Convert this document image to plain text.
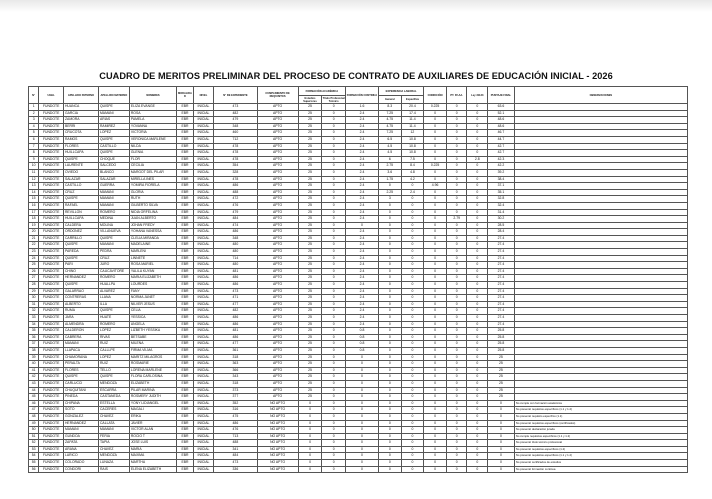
CUADRO DE MERITOS PRELIMINAR DEL PROCESO DE CONTRATO DE AUXILIARES DE EDUCACIÓN INICIAL - 2026
N°	UGEL	APELLIDO PATERNO	APELLIDO MATERNO	NOMBRES	MODALIDA D	NIVEL	N° DE EXPEDIENTE	CUMPLIMIENTO DE REQUISITOS	FORMACIÓN ACADÉMICA		FORMACIÓN CONTINUA	EXPERIENCIA LABORAL		CONDICIÓN	PT. FF.AA.	Ley 31133	PUNTAJE FINAL	OBSERVACIONES
									Estudios Superiores	Título Profesional Técnico		General	Específica					
1	FUNDOTE	HUANCA	QUISPE	ELIZA EVANGE	EBR	INICIAL	473	APTO	25	0	1.6	8.3	20.4	0.225	0	0	63.6	
2	FUNDOTE	GARCIA	MAMANI	ROSA	EBR	INICIAL	482	APTO	25	0	2.4	7.25	17.4	0	0	0	52.1	
3	FUNDOTE	ZAMORA	ARIAS	PAMELA	EBR	INICIAL	479	APTO	25	0	2.4	4.75	11.4	0	0	0	48.6	
4	FUNDOTE	BERRI	RAMIREZ	YOVANNA	EBR	INICIAL	348	APTO	25	0	2.4	4.75	11.4	0	0	0	48.6	
5	FUNDOTE	CRUCOTA	LOPEZ	VICTORIA	EBR	INICIAL	460	APTO	25	0	2.4	7.25	12	0	0	0	46.7	
6	FUNDOTE	RAMOS	QUISPE	VERONICA MARLENE	EBR	INICIAL	712	APTO	25	0	2.4	6.5	10.8	0	0	0	44.7	
7	FUNDOTE	FLORES	CASTILLO	NILDA	EBR	INICIAL	478	APTO	25	0	2.4	4.5	10.8	0	0	0	42.7	
8	FUNDOTE	HUILLCAPA	QUISPE	GLENIA	EBR	INICIAL	478	APTO	25	0	2.4	4.5	10.8	0	0	0	42.7	
9	FUNDOTE	QUISPE	CHOQUE	FLOR	EBR	INICIAL	478	APTO	25	0	2.4	6	7.5	0	0	2.8	42.3	
10	FUNDOTE	LAURENTE	SALCEDO	CECILIA	EBR	INICIAL	354	APTO	25	0	2.4	2.75	8.4	0.225	0	0	42.2	
11	FUNDOTE	OVIEDO	BLANCO	MARGOT DEL PILAR	EBR	INICIAL	328	APTO	25	0	2.4	3.6	4.8	0	0	0	39.2	
12	FUNDOTE	SALAZAR	SALAZAR	MIRELLA INES	EBR	INICIAL	478	APTO	25	0	2.4	1.75	4.2	0	0	0	38.4	
13	FUNDOTE	CASTILLO	GUERRA	YOMIRA FIORELA	EBR	INICIAL	486	APTO	25	0	2.4	0	0	4.96	0	0	37.1	
14	FUNDOTE	CRUZ	MAMANI	GLORIA	EBR	INICIAL	488	APTO	25	0	2.4	2.25	2.4	0	0	0	35.1	
15	FUNDOTE	QUISPE	MAMANI	RUTH	EBR	INICIAL	472	APTO	25	0	2.4	3	0	0	0	0	32.8	
16	FUNDOTE	RAFAEL	MAMANI	GILBERTO SILVA	EBR	INICIAL	476	APTO	25	0	2.4	0	0	0	0	0	32.4	
17	FUNDOTE	REVILLON	ROMERO	NIDIA ORFELINA	EBR	INICIAL	479	APTO	25	0	2.4	0	0	0	0	0	31.4	
18	FUNDOTE	HUILLCAPA	MEDINA	JUAN ALBERTO	EBR	INICIAL	484	APTO	25	0	2.4	0	0	0	2.79	0	30.2	
19	FUNDOTE	CALDERA	MOLINA	JOHAN FREDY	EBR	INICIAL	474	APTO	25	0	0	0	0	0	0	0	28.5	
20	FUNDOTE	ORDONEZ	VILLANUEVA	YOHANA VANESSA	EBR	INICIAL	486	APTO	25	0	2.4	0	0	0	0	0	28.4	
21	FUNDOTE	CARRILLO	QUISPE	CLELIA MIRANDA	EBR	INICIAL	348	APTO	25	0	2.4	0	0	0	0	0	27.4	
22	FUNDOTE	QUISPE	MAMANI	MADELAINE	EBR	INICIAL	480	APTO	25	0	2.4	0	0	0	0	0	27.4	
23	FUNDOTE	PAREDA	PEDRA	MARLENI	EBR	INICIAL	480	APTO	25	0	2.4	0	0	0	0	0	27.4	
24	FUNDOTE	QUISPE	CRUZ	LINNETE	EBR	INICIAL	714	APTO	25	0	2.4	0	0	0	0	0	27.4	
25	FUNDOTE	PARI	JURO	ROSA MARIEL	EBR	INICIAL	480	APTO	25	0	2.4	0	0	0	0	0	27.4	
26	FUNDOTE	CHINO	CAUCAVITORE	YALILA KUYAN	EBR	INICIAL	481	APTO	25	0	2.4	0	0	0	0	0	27.4	
27	FUNDOTE	HERNANDEZ	ROMERO	MARIA ELIZABETH	EBR	INICIAL	486	APTO	25	0	2.4	0	0	0	0	0	27.4	
28	FUNDOTE	QUISPE	HUALLPA	LOURDES	EBR	INICIAL	486	APTO	25	0	2.4	0	0	0	0	0	27.4	
29	FUNDOTE	GALARRAO	ALVAREZ	FANY	EBR	INICIAL	473	APTO	25	0	2.4	0	0	0	0	0	27.4	
30	FUNDOTE	CONTRERAS	LLANA	NORMA JANET	EBR	INICIAL	471	APTO	25	0	2.4	0	0	0	0	0	27.4	
31	FUNDOTE	ALBERTO	ILLA	NILVER JESUS	EBR	INICIAL	477	APTO	25	0	2.4	0	0	0	0	0	27.4	
32	FUNDOTE	RUMA	QUISPE	CELIA	EBR	INICIAL	482	APTO	25	0	2.4	0	0	0	0	0	27.4	
33	FUNDOTE	JARA	HUATE	YESSICA	EBR	INICIAL	486	APTO	25	0	2.4	0	0	0	0	0	27.4	
34	FUNDOTE	ALMENDRA	ROMERO	ANGELA	EBR	INICIAL	486	APTO	25	0	2.4	0	0	0	0	0	27.4	
35	FUNDOTE	CALDERON	LOPEZ	LIZBETH YESSIKA	EBR	INICIAL	481	APTO	25	0	0.8	0	0	0	0	0	25.8	
36	FUNDOTE	CABRERA	RIVAS	BETSABE	EBR	INICIAL	486	APTO	25	0	0.8	0	0	0	0	0	25.8	
37	FUNDOTE	MAMANI	RUIZ	MILENA	EBR	INICIAL	477	APTO	25	0	0.8	0	0	0	0	0	25.8	
38	FUNDOTE	LLAPACA	CALLLPE	FIRMA VILMA	EBR	INICIAL	361	APTO	25	0	0.8	0	0	0	0	0	25.8	
39	FUNDOTE	CHAMORANA	LOPEZ	MARITZ MILAGROS	EBR	INICIAL	318	APTO	25	0	0	0	0	0	0	0	25	
40	FUNDOTE	PERALTA	RUIZ	ROSMARIE	EBR	INICIAL	363	APTO	25	0	0	0	0	0	0	0	25	
41	FUNDOTE	FLORES	TELLO	LORENA MARLENE	EBR	INICIAL	366	APTO	25	0	0	0	0	0	0	0	25	
42	FUNDOTE	QUISPE	QUISPE	FLORA CARLOSINA	EBR	INICIAL	343	APTO	25	0	0	0	0	0	0	0	25	
43	FUNDOTE	CARLUCCI	MENDOZA	ELIZABETH	EBR	INICIAL	318	APTO	25	0	0	0	0	0	0	0	25	
44	FUNDOTE	CHUQUITANI	ESCARRA	PILAR MARINA	EBR	INICIAL	373	APTO	25	0	0	0	0	0	0	0	25	
45	FUNDOTE	PINEDA	CASTANEDA	ROSMERY JUDITH	EBR	INICIAL	377	APTO	25	0	0	0	0	0	0	0	25	
46	FUNDOTE	CHIPANA	ESTELLA	YONY LIDIANGEL	EBR	INICIAL	352	NO APTO	0	0	0	0	0	0	0	0	0	No cumple con formación académica
47	FUNDOTE	SOTO	CACERES	MAGALI	EBR	INICIAL	316	NO APTO	0	0	0	0	0	0	0	0	0	No presentó requisitos específicos (1.1 y 1.2)
48	FUNDOTE	GONZALEZ	CHAVEZ	ERIKA	EBR	INICIAL	475	NO APTO	0	0	0	0	0	0	0	0	0	No presentó requisito específico (1.1)
49	FUNDOTE	HERNANDEZ	CALLATA	JAVIER	EBR	INICIAL	486	NO APTO	0	0	0	0	0	0	0	0	0	No presentó requisitos específicos (certificados)
50	FUNDOTE	MAMANI	MAMANI	VICTOR ALAN	EBR	INICIAL	476	NO APTO	0	0	0	0	0	0	0	0	0	No presentó declaración jurada
51	FUNDOTE	GUNDOA	FERIA	ROCIO T	EBR	INICIAL	713	NO APTO	0	0	0	0	0	0	0	0	0	No cumple requisitos específicos (1.1 y 1.2)
52	FUNDOTE	ZAPATA	TAPIA	JOSE LUIS	EBR	INICIAL	488	NO APTO	0	0	0	0	0	0	0	0	0	No presentó título técnico profesional
53	FUNDOTE	ARANA	CHAVEZ	MARIA	EBR	INICIAL	341	NO APTO	0	0	0	0	0	0	0	0	0	No presentó requisitos específicos (1.2)
54	FUNDOTE	LARICO	MENDOZA	MAXIMA	EBR	INICIAL	484	NO APTO	0	0	0	0	0	0	0	0	0	No presentó requisitos específicos (1.1 y 1.2)
55	FUNDOTE	COLORADO	LUNAZA	MARTHA	EBR	INICIAL	473	NO APTO	0	0	0	0	0	0	0	0	0	No presentó certificados de estudios
56	FUNDOTE	CONDORI	RAIS	ELENA ELIZABETH	EBR	INICIAL	336	NO APTO	0	0	0	0	0	0	0	0	0	No presentó formación continua
